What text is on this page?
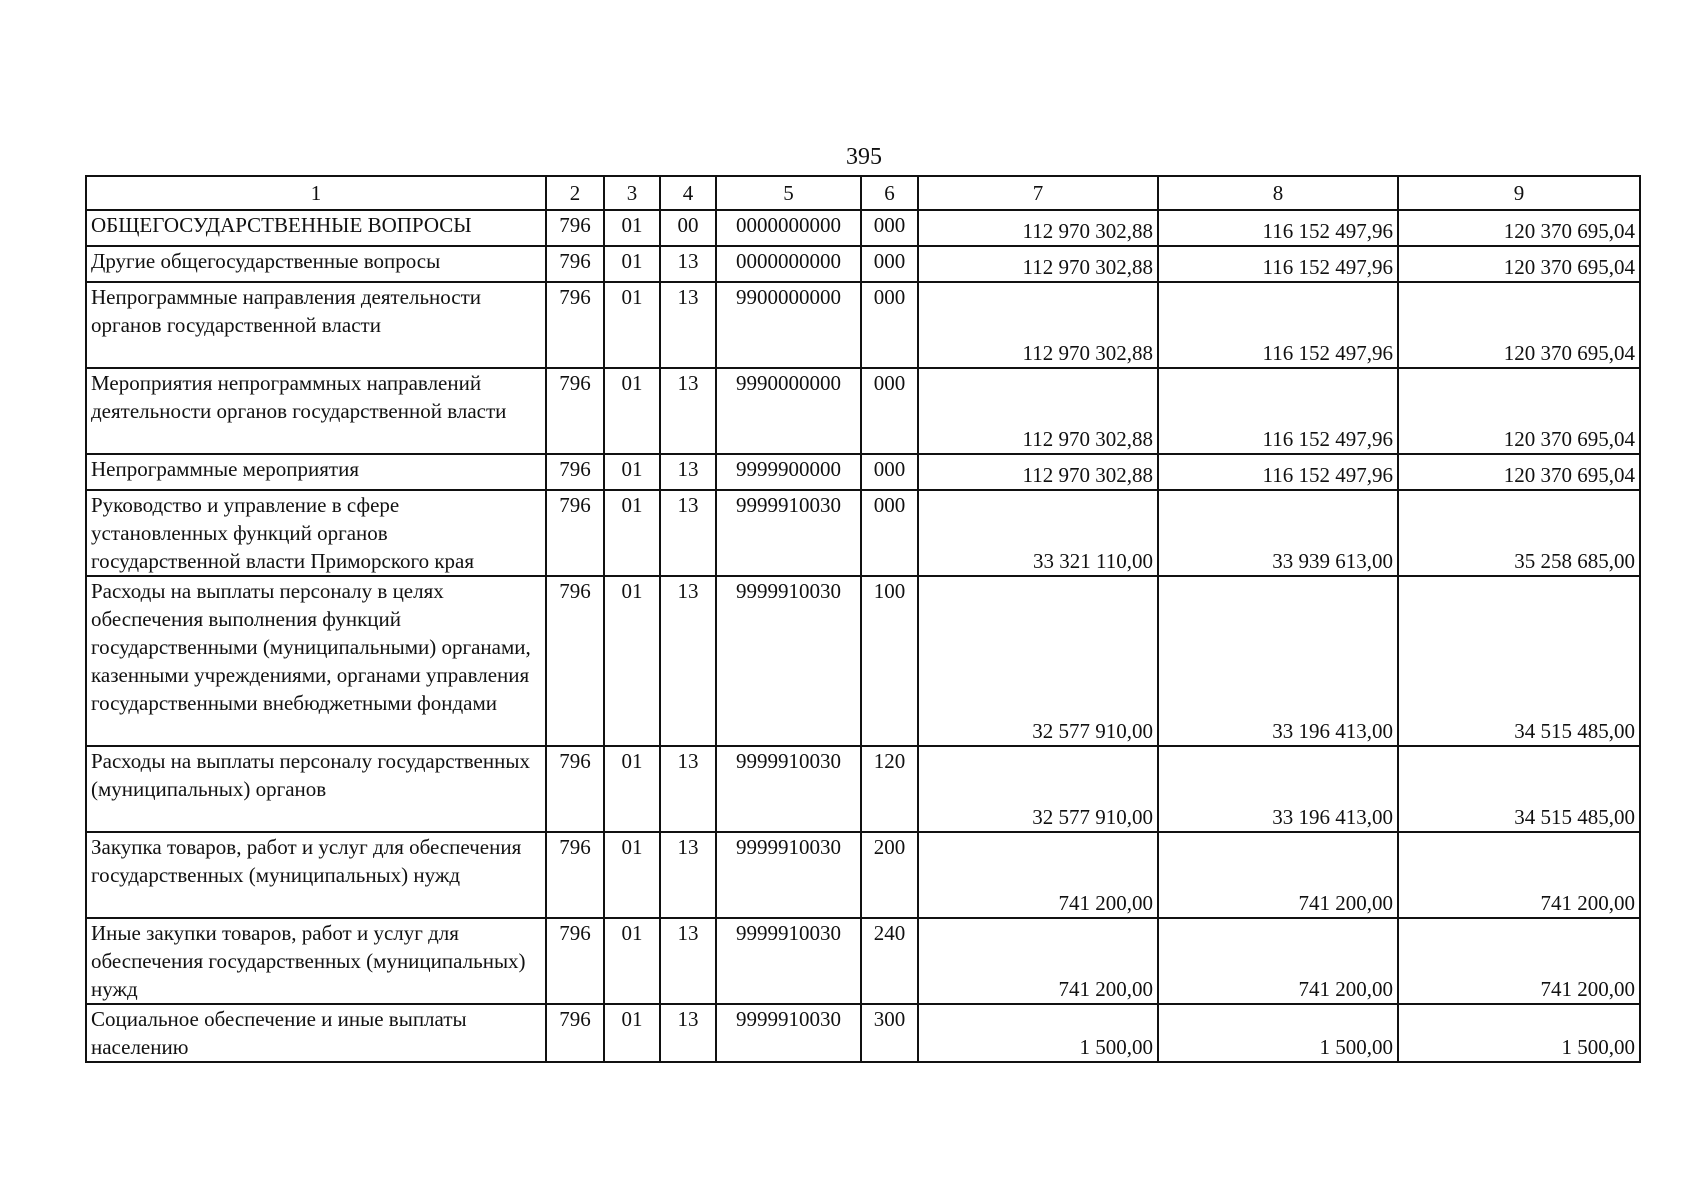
395
1	2	3	4	5	6	7	8	9
ОБЩЕГОСУДАРСТВЕННЫЕ ВОПРОСЫ	796	01	00	0000000000	000	112 970 302,88	116 152 497,96	120 370 695,04
Другие общегосударственные вопросы	796	01	13	0000000000	000	112 970 302,88	116 152 497,96	120 370 695,04
Непрограммные направления деятельности органов государственной власти	796	01	13	9900000000	000	112 970 302,88	116 152 497,96	120 370 695,04
Мероприятия непрограммных направлений деятельности органов государственной власти	796	01	13	9990000000	000	112 970 302,88	116 152 497,96	120 370 695,04
Непрограммные мероприятия	796	01	13	9999900000	000	112 970 302,88	116 152 497,96	120 370 695,04
Руководство и управление в сфере установленных функций органов государственной власти Приморского края	796	01	13	9999910030	000	33 321 110,00	33 939 613,00	35 258 685,00
Расходы на выплаты персоналу в целях обеспечения выполнения функций государственными (муниципальными) органами, казенными учреждениями, органами управления государственными внебюджетными фондами	796	01	13	9999910030	100	32 577 910,00	33 196 413,00	34 515 485,00
Расходы на выплаты персоналу государственных (муниципальных) органов	796	01	13	9999910030	120	32 577 910,00	33 196 413,00	34 515 485,00
Закупка товаров, работ и услуг для обеспечения государственных (муниципальных) нужд	796	01	13	9999910030	200	741 200,00	741 200,00	741 200,00
Иные закупки товаров, работ и услуг для обеспечения государственных (муниципальных) нужд	796	01	13	9999910030	240	741 200,00	741 200,00	741 200,00
Социальное обеспечение и иные выплаты населению	796	01	13	9999910030	300	1 500,00	1 500,00	1 500,00
